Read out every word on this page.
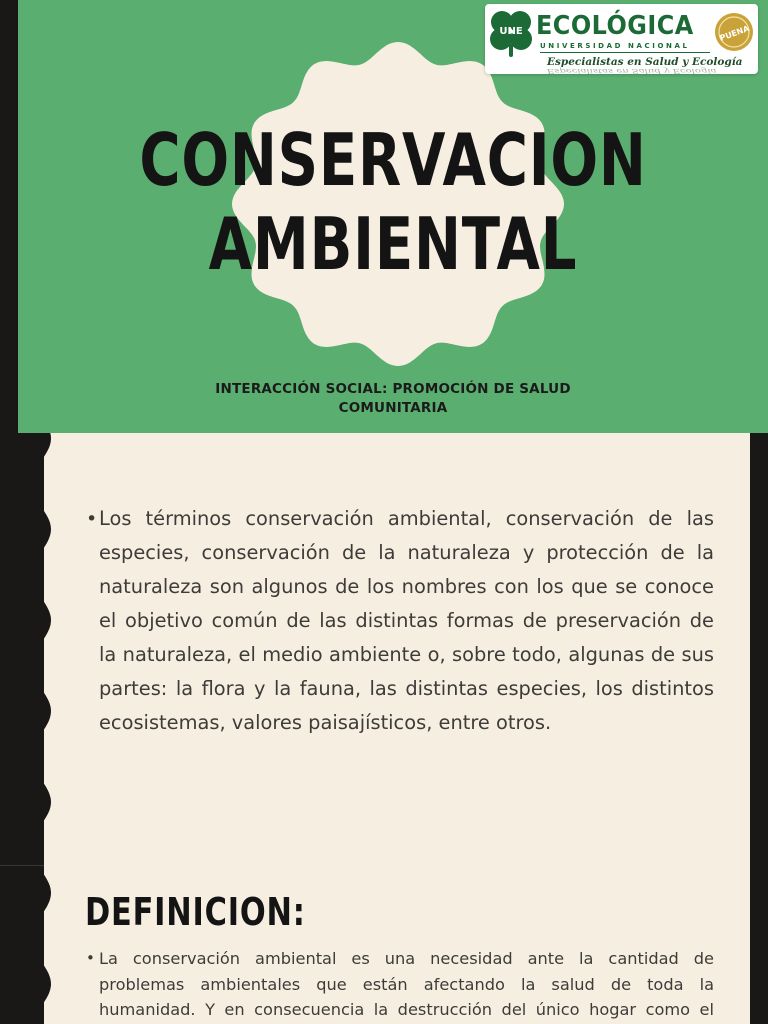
CONSERVACION
AMBIENTAL
INTERACCIÓN SOCIAL: PROMOCIÓN DE SALUD
COMUNITARIA
UNE ECOLÓGICA
UNIVERSIDAD NACIONAL
Especialistas en Salud y Ecología
PUENA
Especialistas en Salud y Ecología
• Los términos conservación ambiental, conservación de las especies, conservación de la naturaleza y protección de la naturaleza son algunos de los nombres con los que se conoce el objetivo común de las distintas formas de preservación de la naturaleza, el medio ambiente o, sobre todo, algunas de sus partes: la flora y la fauna, las distintas especies, los distintos ecosistemas, valores paisajísticos, entre otros.

DEFINICION:
• La conservación ambiental es una necesidad ante la cantidad de problemas ambientales que están afectando la salud de toda la humanidad. Y en consecuencia la destrucción del único hogar como el
